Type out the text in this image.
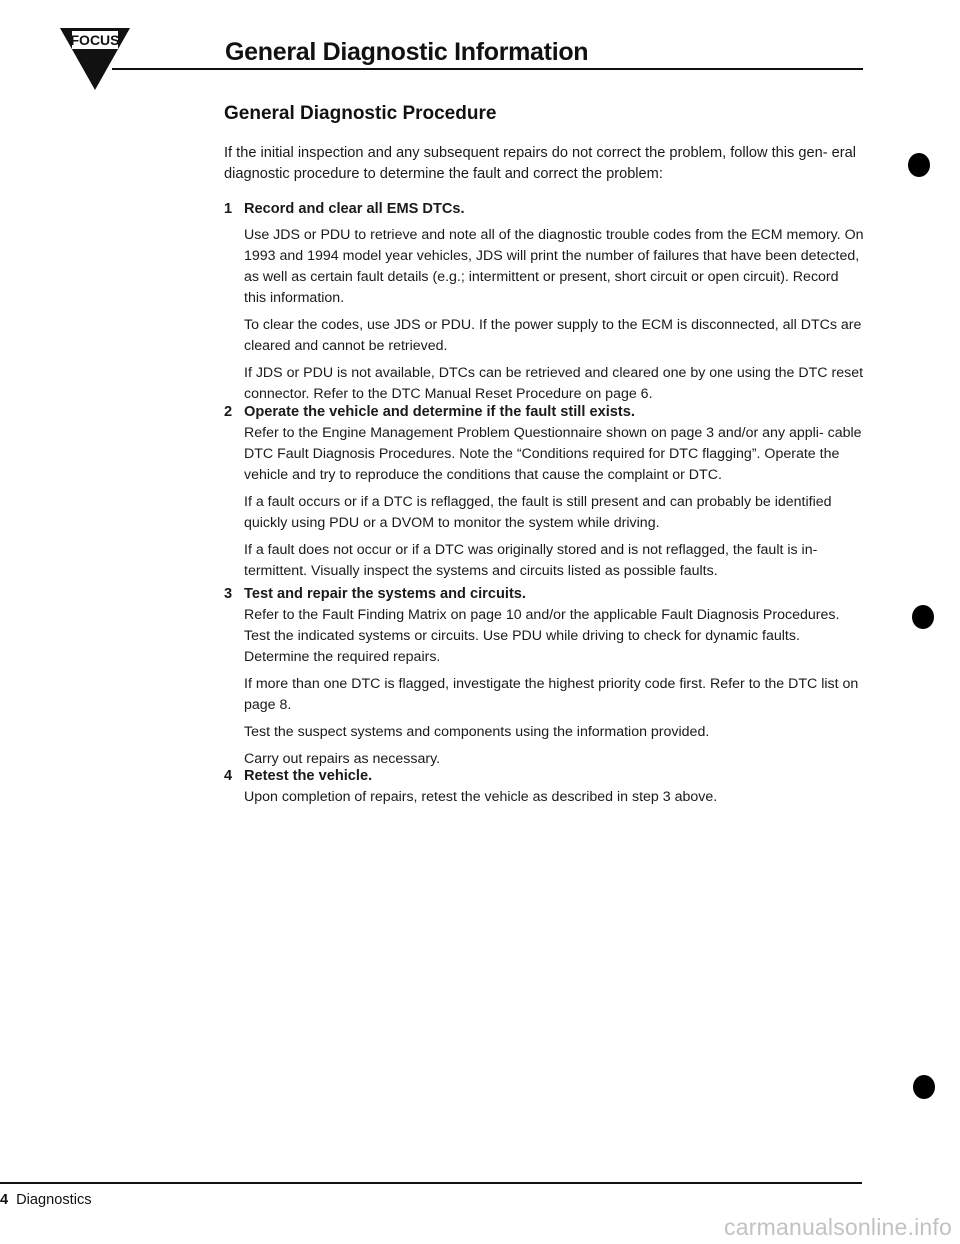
FOCUS	General Diagnostic Information
General Diagnostic Procedure

If the initial inspection and any subsequent repairs do not correct the problem, follow this gen- eral diagnostic procedure to determine the fault and correct the problem:

1 Record and clear all EMS DTCs.

Use JDS or PDU to retrieve and note all of the diagnostic trouble codes from the ECM memory. On 1993 and 1994 model year vehicles, JDS will print the number of failures that have been detected, as well as certain fault details (e.g.; intermittent or present, short circuit or open circuit). Record this information.

To clear the codes, use JDS or PDU. If the power supply to the ECM is disconnected, all DTCs are cleared and cannot be retrieved.

If JDS or PDU is not available, DTCs can be retrieved and cleared one by one using the DTC reset connector. Refer to the DTC Manual Reset Procedure on page 6.

2 Operate the vehicle and determine if the fault still exists.

Refer to the Engine Management Problem Questionnaire shown on page 3 and/or any appli- cable DTC Fault Diagnosis Procedures. Note the “Conditions required for DTC flagging”. Operate the vehicle and try to reproduce the conditions that cause the complaint or DTC.

If a fault occurs or if a DTC is reflagged, the fault is still present and can probably be identified quickly using PDU or a DVOM to monitor the system while driving.

If a fault does not occur or if a DTC was originally stored and is not reflagged, the fault is in- termittent. Visually inspect the systems and circuits listed as possible faults.

3 Test and repair the systems and circuits.

Refer to the Fault Finding Matrix on page 10 and/or the applicable Fault Diagnosis Procedures. Test the indicated systems or circuits. Use PDU while driving to check for dynamic faults. Determine the required repairs.

If more than one DTC is flagged, investigate the highest priority code first. Refer to the DTC list on page 8.

Test the suspect systems and components using the information provided.

Carry out repairs as necessary.

4 Retest the vehicle.

Upon completion of repairs, retest the vehicle as described in step 3 above.

4 Diagnostics

carmanualsonline.info
